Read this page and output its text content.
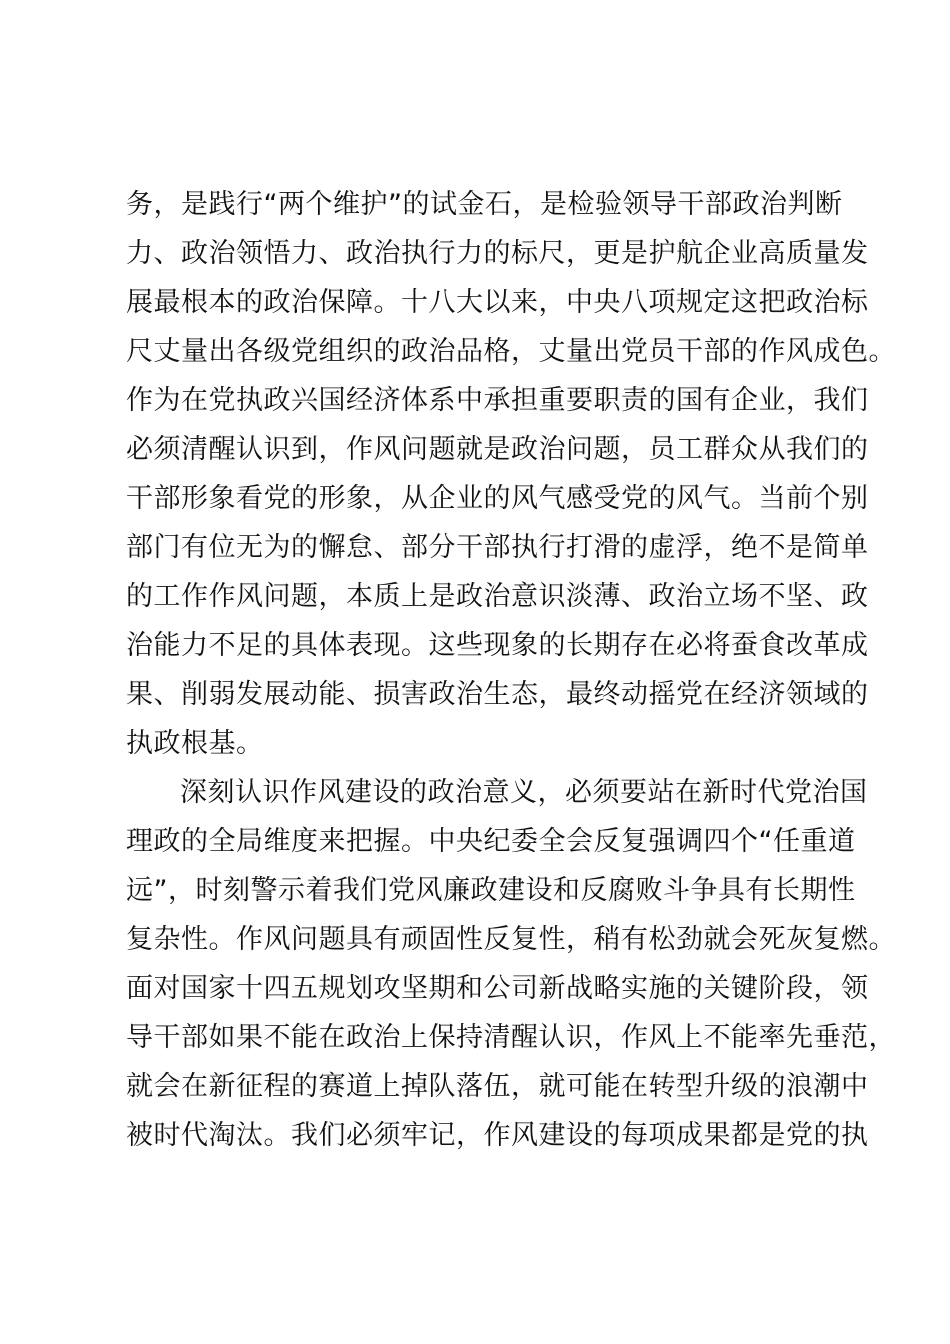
务，是践行“两个维护”的试金石，是检验领导干部政治判断
力、政治领悟力、政治执行力的标尺，更是护航企业高质量发
展最根本的政治保障。十八大以来，中央八项规定这把政治标
尺丈量出各级党组织的政治品格，丈量出党员干部的作风成色。
作为在党执政兴国经济体系中承担重要职责的国有企业，我们
必须清醒认识到，作风问题就是政治问题，员工群众从我们的
干部形象看党的形象，从企业的风气感受党的风气。当前个别
部门有位无为的懈怠、部分干部执行打滑的虚浮，绝不是简单
的工作作风问题，本质上是政治意识淡薄、政治立场不坚、政
治能力不足的具体表现。这些现象的长期存在必将蚕食改革成
果、削弱发展动能、损害政治生态，最终动摇党在经济领域的
执政根基。
深刻认识作风建设的政治意义，必须要站在新时代党治国
理政的全局维度来把握。中央纪委全会反复强调四个“任重道
远”，时刻警示着我们党风廉政建设和反腐败斗争具有长期性
复杂性。作风问题具有顽固性反复性，稍有松劲就会死灰复燃。
面对国家十四五规划攻坚期和公司新战略实施的关键阶段，领
导干部如果不能在政治上保持清醒认识，作风上不能率先垂范，
就会在新征程的赛道上掉队落伍，就可能在转型升级的浪潮中
被时代淘汰。我们必须牢记，作风建设的每项成果都是党的执
